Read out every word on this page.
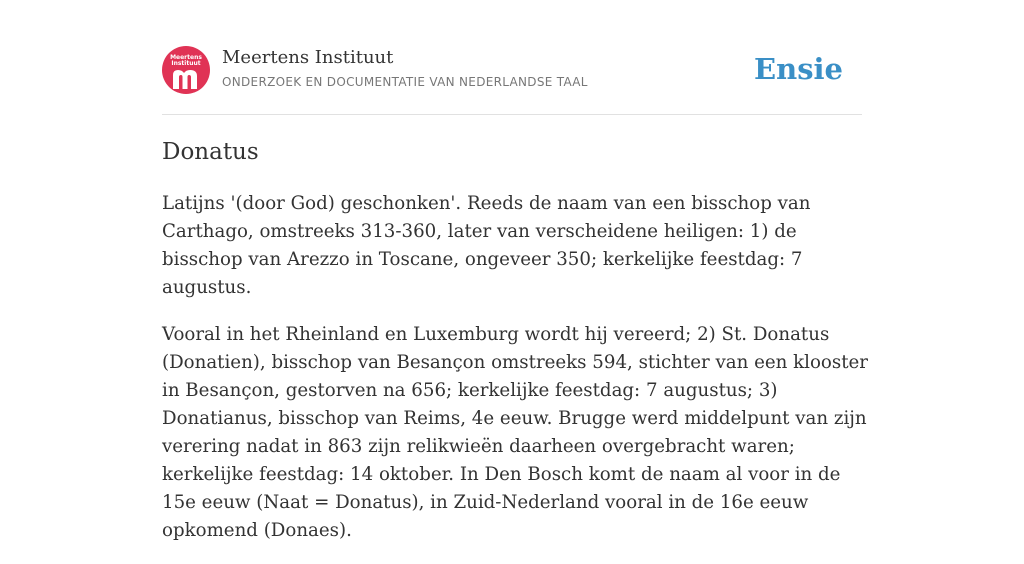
Meertens
Instituut	Meertens Instituut
ONDERZOEK EN DOCUMENTATIE VAN NEDERLANDSE TAAL	Ensie
Donatus

Latijns '(door God) geschonken'. Reeds de naam van een bisschop van Carthago, omstreeks 313-360, later van verscheidene heiligen: 1) de bisschop van Arezzo in Toscane, ongeveer 350; kerkelijke feestdag: 7 augustus.

Vooral in het Rheinland en Luxemburg wordt hij vereerd; 2) St. Donatus (Donatien), bisschop van Besançon omstreeks 594, stichter van een klooster in Besançon, gestorven na 656; kerkelijke feestdag: 7 augustus; 3) Donatianus, bisschop van Reims, 4e eeuw. Brugge werd middelpunt van zijn verering nadat in 863 zijn relikwieën daarheen overgebracht waren; kerkelijke feestdag: 14 oktober. In Den Bosch komt de naam al voor in de 15e eeuw (Naat = Donatus), in Zuid-Nederland vooral in de 16e eeuw opkomend (Donaes).
